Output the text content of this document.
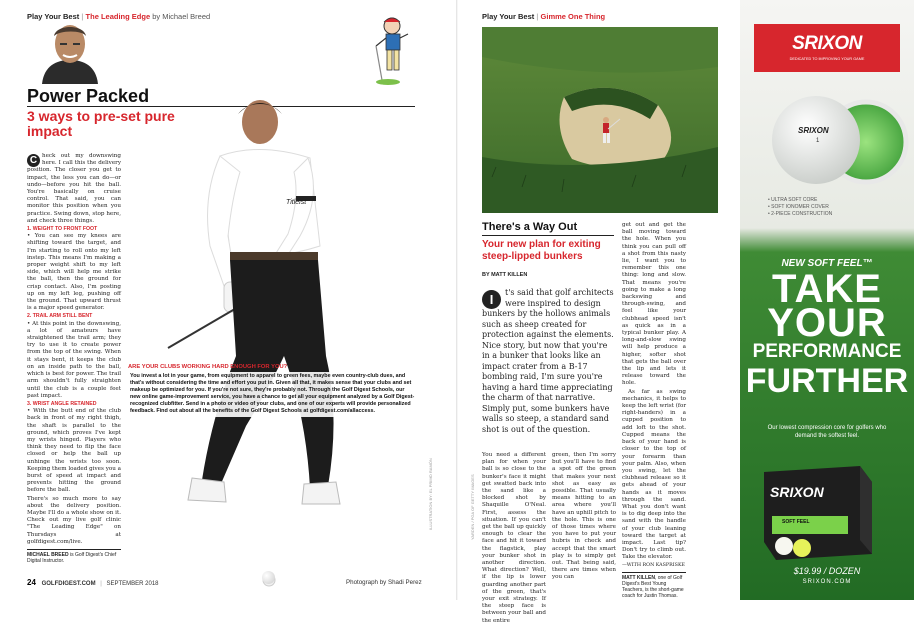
Play Your Best | The Leading Edge by Michael Breed
Power Packed
3 ways to pre-set pure impact
C heck out my downswing here. I call this the delivery position. The closer you get to impact, the less you can do—or undo—before you hit the ball. You're basically on cruise control. That said, you can monitor this position when you practice. Swing down, stop here, and check three things.
1. WEIGHT TO FRONT FOOT
• You can see my knees are shifting toward the target, and I'm starting to roll onto my left instep. This means I'm making a proper weight shift to my left side, which will help me strike the ball, then the ground for crisp contact. Also, I'm posting up on my left leg, pushing off the ground. That upward thrust is a major speed generator.
2. TRAIL ARM STILL BENT
• At this point in the downswing, a lot of amateurs have straightened the trail arm; they try to use it to create power from the top of the swing. When it stays bent, it keeps the club on an inside path to the ball, which is best for power. The trail arm shouldn't fully straighten until the club is a couple feet past impact.
3. WRIST ANGLE RETAINED
• With the butt end of the club back in front of my right thigh, the shaft is parallel to the ground, which proves I've kept my wrists hinged. Players who think they need to flip the face closed or help the ball up unhinge the wrists too soon. Keeping them loaded gives you a burst of speed at impact and prevents hitting the ground before the ball.
There's so much more to say about the delivery position. Maybe I'll do a whole show on it. Check out my live golf clinic "The Leading Edge" on Thursdays at golfdigest.com/live.
MICHAEL BREED is Golf Digest's Chief Digital Instructor.
Titleist
ARE YOUR CLUBS WORKING HARD ENOUGH FOR YOU?
You invest a lot in your game, from equipment to apparel to green fees, maybe even country-club dues, and that's without considering the time and effort you put in. Given all that, it makes sense that your clubs and set makeup be optimized for you. If you're not sure, they're probably not. Through the Golf Digest Schools, our new online game-improvement service, you have a chance to get all your equipment analyzed by a Golf Digest-recognized clubfitter. Send in a photo or video of your clubs, and one of our experts will provide personalized feedback. Find out about all the benefits of the Golf Digest Schools at golfdigest.com/allaccess.
ILLUSTRATION BY: EL PRIMO RAMÓN
24 GOLFDIGEST.COM | SEPTEMBER 2018	Photograph by Shadi Perez
Play Your Best | Gimme One Thing
There's a Way Out
Your new plan for exiting steep-lipped bunkers
BY MATT KILLEN
I	t's said that golf architects were inspired to design bunkers by the hollows animals such as sheep created for protection against the elements. Nice story, but now that you're in a bunker that looks like an impact crater from a B-17 bombing raid, I'm sure you're having a hard time appreciating the charm of that narrative. Simply put, some bunkers have walls so steep, a standard sand shot is out of the question.
You need a different plan for when your ball is so close to the bunker's face it might get swatted back into the sand like a blocked shot by Shaquille O'Neal. First, assess the situation. If you can't get the ball up quickly enough to clear the face and hit it toward the flagstick, play your bunker shot in another direction. What direction? Well, if the lip is lower guarding another part of the green, that's your exit strategy. If the steep face is between your ball and the entire
green, then I'm sorry but you'll have to find a spot off the green that makes your next shot as easy as possible. That usually means hitting to an area where you'll have an uphill pitch to the hole. This is one of those times where you have to put your hubris in check and accept that the smart play is to simply get out. That being said, there are times when you can
get out and get the ball moving toward the hole. When you think you can pull off a shot from this nasty lie, I want you to remember this one thing: long and slow. That means you're going to make a long backswing and through-swing, and feel like your clubhead speed isn't as quick as in a typical bunker play. A long-and-slow swing will help produce a higher, softer shot that gets the ball over the lip and lets it release toward the hole.
As far as swing mechanics, it helps to keep the left wrist (for right-handers) in a cupped position to add loft to the shot. Cupped means the back of your hand is closer to the top of your forearm than your palm. Also, when you swing, let the clubhead release so it gets ahead of your hands as it moves through the sand. What you don't want is to dig deep into the sand with the handle of your club leaning toward the target at impact. Last tip? Don't try to climb out. Take the elevator.
—WITH RON KASPRISKE
MATT KILLEN, one of Golf Digest's Best Young Teachers, is the short-game coach for Justin Thomas.
YARDEN / PGA OF GETTY IMAGES
SRIXON
DEDICATED TO IMPROVING YOUR GAME
SRIXON
1
• ULTRA SOFT CORE
• SOFT IONOMER COVER
• 2-PIECE CONSTRUCTION
NEW SOFT FEEL™
TAKE
YOUR
PERFORMANCE
FURTHER
Our lowest compression core for golfers who demand the softest feel.
SRIXON
SOFT FEEL
$19.99 / DOZEN
SRIXON.COM
